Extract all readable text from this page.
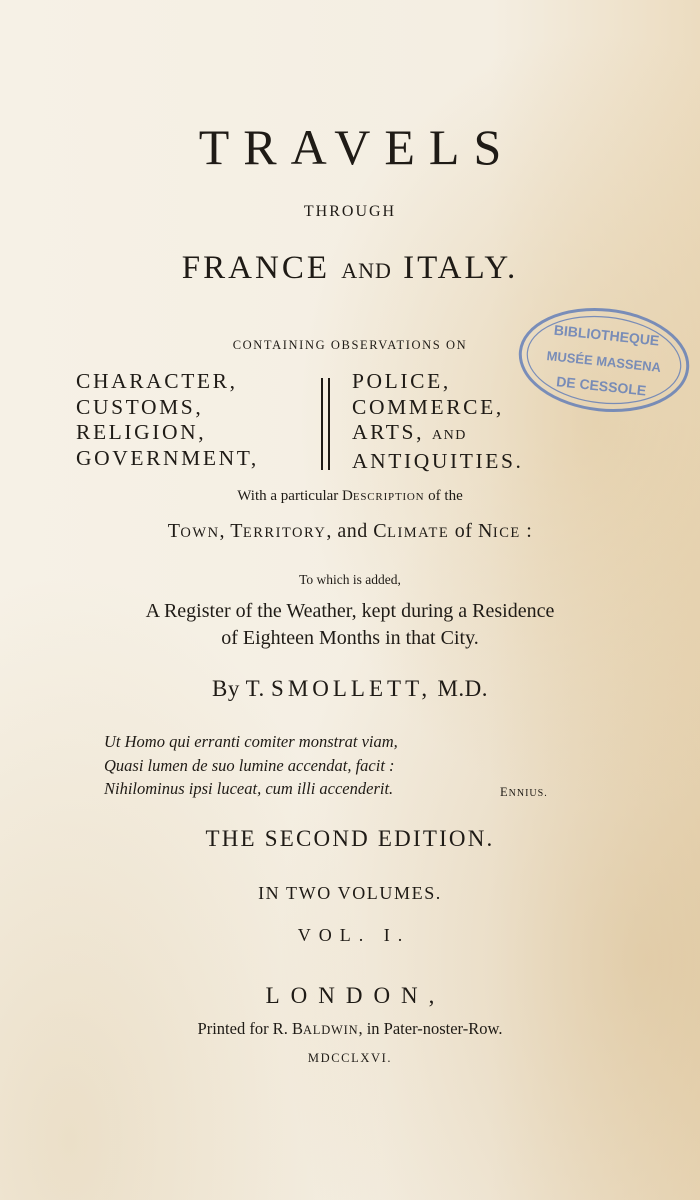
TRAVELS
THROUGH
FRANCE AND ITALY.
CONTAINING OBSERVATIONS ON
CHARACTER,
CUSTOMS,
RELIGION,
GOVERNMENT,
POLICE,
COMMERCE,
ARTS, AND
ANTIQUITIES.
With a particular DESCRIPTION of the
TOWN, TERRITORY, and CLIMATE of NICE :
To which is added,
A Register of the Weather, kept during a Residence
of Eighteen Months in that City.
By T. SMOLLETT, M.D.
Ut Homo qui erranti comiter monstrat viam,
Quasi lumen de suo lumine accendat, facit :
Nihilominus ipsi luceat, cum illi accenderit.	ENNIUS.
THE SECOND EDITION.
IN TWO VOLUMES.
VOL. I.
LONDON,
Printed for R. BALDWIN, in Pater-noster-Row.
MDCCLXVI.
BIBLIOTHEQUE
MUSÉE MASSENA
DE CESSOLE
